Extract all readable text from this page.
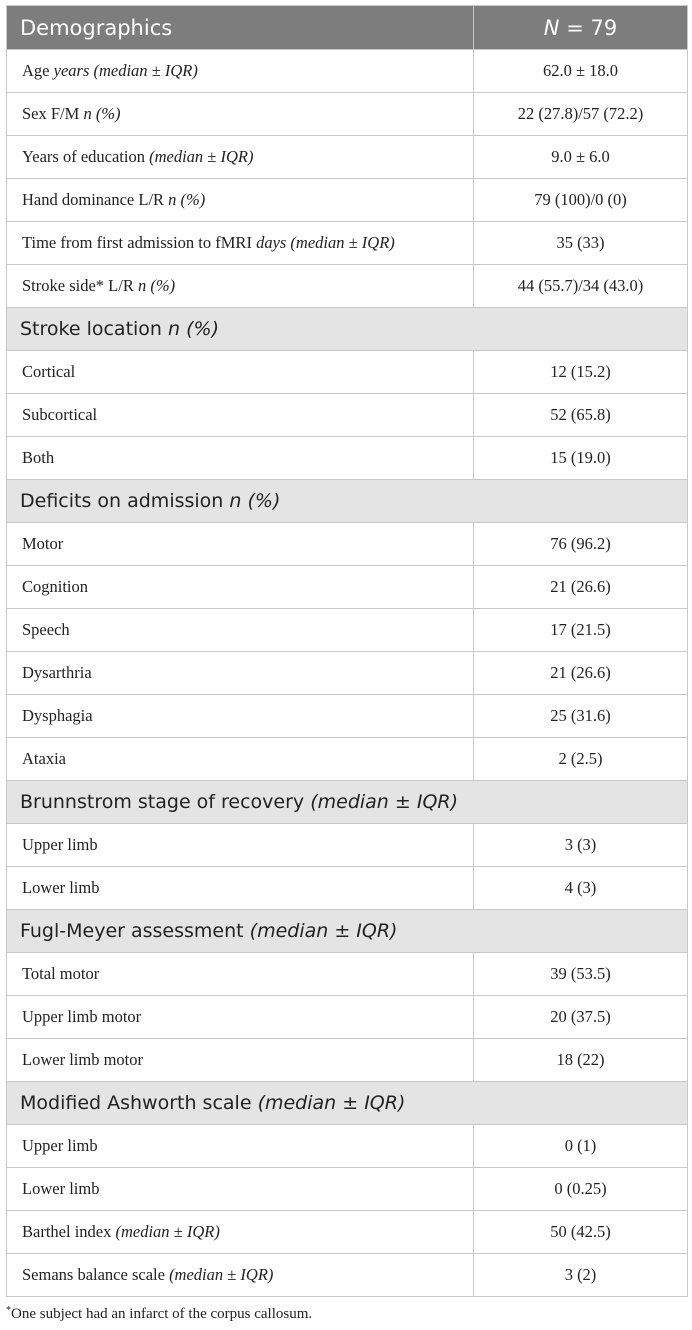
Demographics	N = 79
Age years (median ± IQR)	62.0 ± 18.0
Sex F/M n (%)	22 (27.8)/57 (72.2)
Years of education (median ± IQR)	9.0 ± 6.0
Hand dominance L/R n (%)	79 (100)/0 (0)
Time from first admission to fMRI days (median ± IQR)	35 (33)
Stroke side* L/R n (%)	44 (55.7)/34 (43.0)
Stroke location n (%)	
Cortical	12 (15.2)
Subcortical	52 (65.8)
Both	15 (19.0)
Deficits on admission n (%)	
Motor	76 (96.2)
Cognition	21 (26.6)
Speech	17 (21.5)
Dysarthria	21 (26.6)
Dysphagia	25 (31.6)
Ataxia	2 (2.5)
Brunnstrom stage of recovery (median ± IQR)	
Upper limb	3 (3)
Lower limb	4 (3)
Fugl-Meyer assessment (median ± IQR)	
Total motor	39 (53.5)
Upper limb motor	20 (37.5)
Lower limb motor	18 (22)
Modified Ashworth scale (median ± IQR)	
Upper limb	0 (1)
Lower limb	0 (0.25)
Barthel index (median ± IQR)	50 (42.5)
Semans balance scale (median ± IQR)	3 (2)
*One subject had an infarct of the corpus callosum.
